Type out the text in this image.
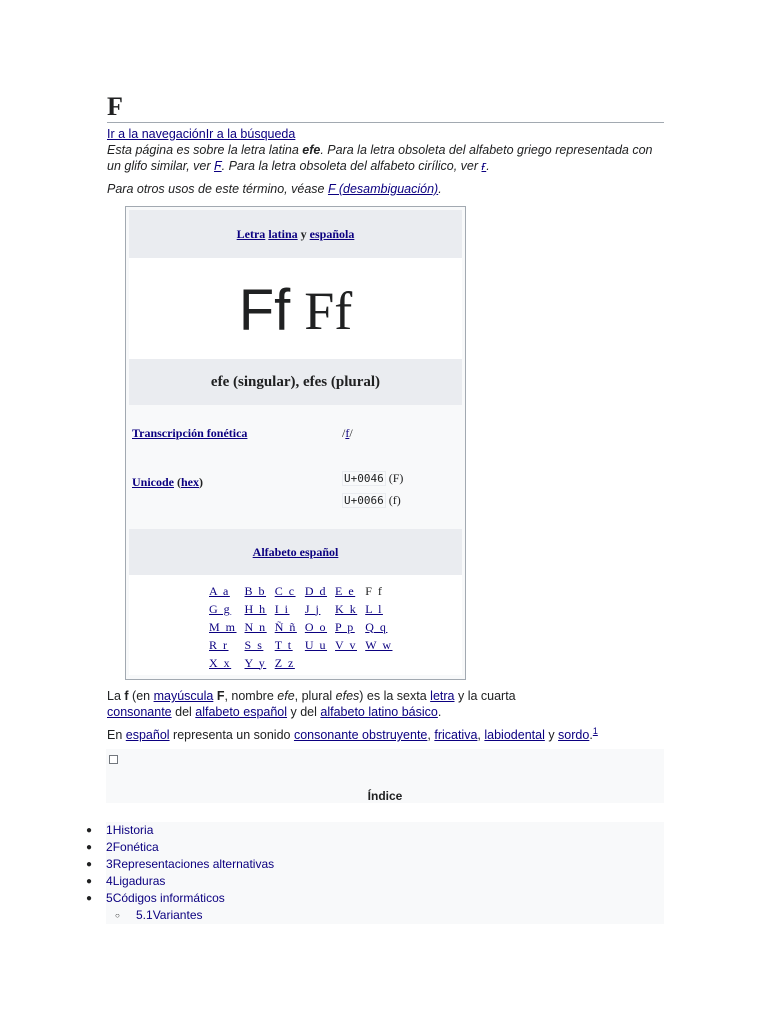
F
Ir a la navegaciónIr a la búsqueda
Esta página es sobre la letra latina efe. Para la letra obsoleta del alfabeto griego representada con un glifo similar, ver Ϝ. Para la letra obsoleta del alfabeto cirílico, ver ғ.
Para otros usos de este término, véase F (desambiguación).
Letra latina y española
Ff Ff
efe (singular), efes (plural)
Transcripción fonética	/f/
Unicode (hex)	U+0046 (F)
U+0066 (f)
Alfabeto español
A a	B b	C c	D d	E e	F f
G g	H h	I i	J j	K k	L l
M m	N n	Ñ ñ	O o	P p	Q q
R r	S s	T t	U u	V v	W w
X x	Y y	Z z			
La f (en mayúscula F, nombre efe, plural efes) es la sexta letra y la cuarta
consonante del alfabeto español y del alfabeto latino básico.
En español representa un sonido consonante obstruyente, fricativa, labiodental y sordo.$^1$
Índice
● 1Historia
● 2Fonética
● 3Representaciones alternativas
● 4Ligaduras
● 5Códigos informáticos
○ 5.1Variantes
